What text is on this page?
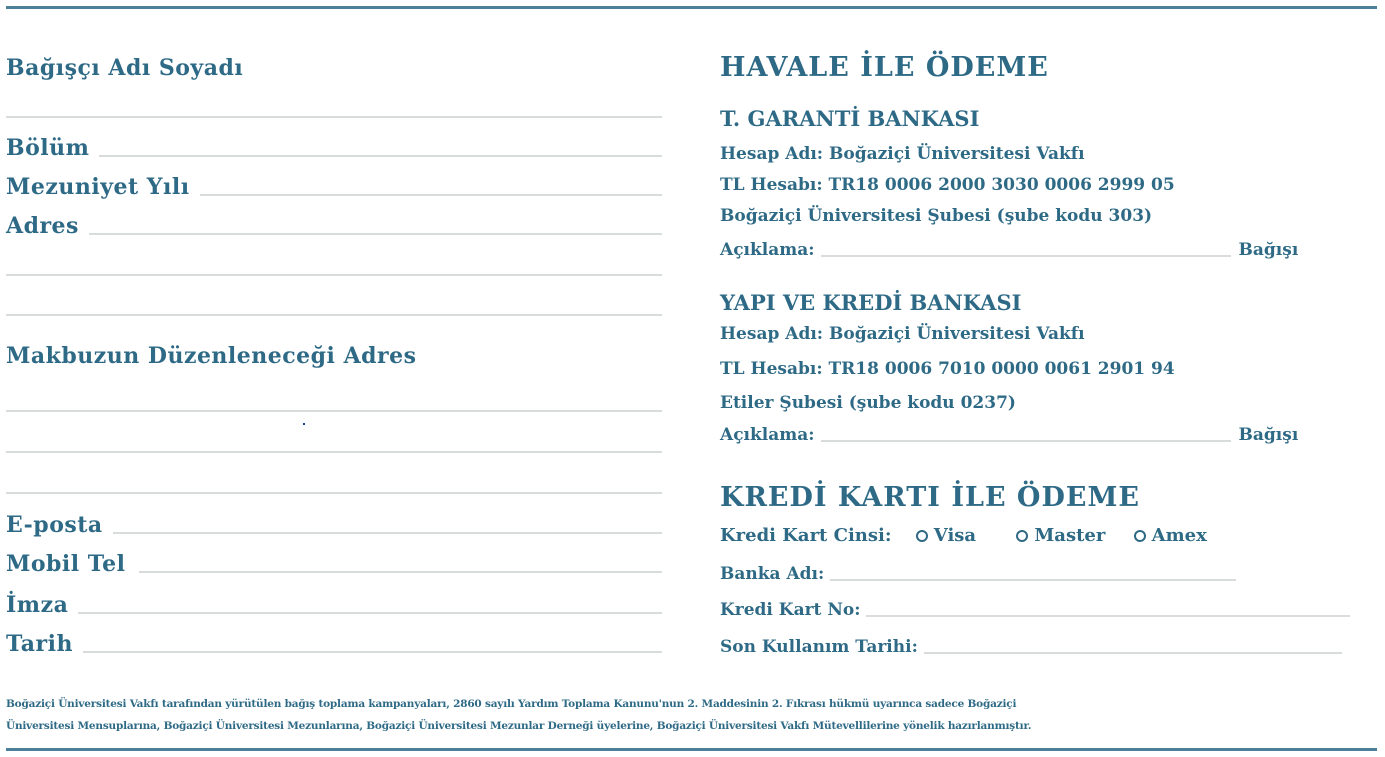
Bağışçı Adı Soyadı
Bölüm
Mezuniyet Yılı
Adres
Makbuzun Düzenleneceği Adres
E-posta
Mobil Tel
İmza
Tarih
HAVALE İLE ÖDEME
T. GARANTİ BANKASI
Hesap Adı: Boğaziçi Üniversitesi Vakfı
TL Hesabı: TR18 0006 2000 3030 0006 2999 05
Boğaziçi Üniversitesi Şubesi (şube kodu 303)
Açıklama:	Bağışı
YAPI VE KREDİ BANKASI
Hesap Adı: Boğaziçi Üniversitesi Vakfı
TL Hesabı: TR18 0006 7010 0000 0061 2901 94
Etiler Şubesi (şube kodu 0237)
Açıklama:	Bağışı
KREDİ KARTI İLE ÖDEME
Kredi Kart Cinsi: Visa	Master	Amex
Banka Adı:
Kredi Kart No:
Son Kullanım Tarihi:
Boğaziçi Üniversitesi Vakfı tarafından yürütülen bağış toplama kampanyaları, 2860 sayılı Yardım Toplama Kanunu'nun 2. Maddesinin 2. Fıkrası hükmü uyarınca sadece Boğaziçi
Üniversitesi Mensuplarına, Boğaziçi Üniversitesi Mezunlarına, Boğaziçi Üniversitesi Mezunlar Derneği üyelerine, Boğaziçi Üniversitesi Vakfı Mütevellilerine yönelik hazırlanmıştır.
